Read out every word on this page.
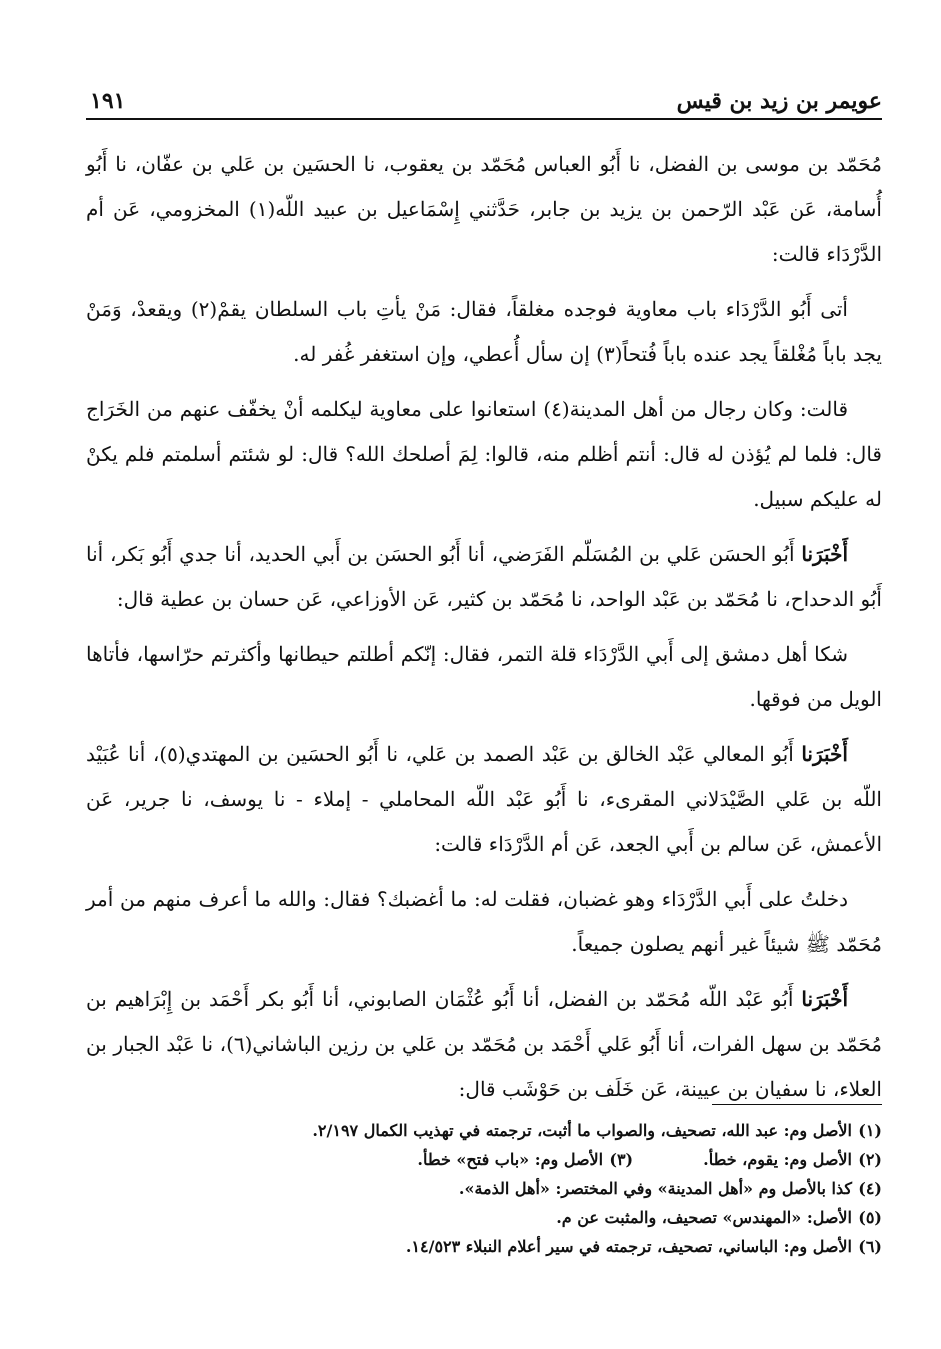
عويمر بن زيد بن قيس
١٩١

مُحَمّد بن موسى بن الفضل، نا أَبُو العباس مُحَمّد بن يعقوب، نا الحسَين بن عَلي بن عفّان، نا أَبُو أُسامة، عَن عَبْد الرّحمن بن يزيد بن جابر، حَدَّثني إِسْمَاعيل بن عبيد اللّه(١) المخزومي، عَن أم الدَّرْدَاء قالت:

أتى أَبُو الدَّرْدَاء باب معاوية فوجده مغلقاً، فقال: مَنْ يأتِ باب السلطان يقمْ(٢) ويقعدْ، وَمَنْ يجد باباً مُغْلقاً يجد عنده باباً فُتحاً(٣) إن سأل أُعطي، وإن استغفر غُفر له.

قالت: وكان رجال من أهل المدينة(٤) استعانوا على معاوية ليكلمه أنْ يخفّف عنهم من الخَرَاج قال: فلما لم يُؤذن له قال: أنتم أظلم منه، قالوا: لِمَ أصلحك الله؟ قال: لو شئتم أسلمتم فلم يكنْ له عليكم سبيل.

أَخْبَرَنا أَبُو الحسَن عَلي بن المُسَلّم الفَرَضي، أنا أَبُو الحسَن بن أَبي الحديد، أنا جدي أَبُو بَكر، أنا أَبُو الدحداح، نا مُحَمّد بن عَبْد الواحد، نا مُحَمّد بن كثير، عَن الأوزاعي، عَن حسان بن عطية قال:

شكا أهل دمشق إلى أَبي الدَّرْدَاء قلة التمر، فقال: إنّكم أطلتم حيطانها وأكثرتم حرّاسها، فأتاها الويل من فوقها.

أَخْبَرَنا أَبُو المعالي عَبْد الخالق بن عَبْد الصمد بن عَلي، نا أَبُو الحسَين بن المهتدي(٥)، أنا عُبَيْد اللّه بن عَلي الصَّيْدَلاني المقرىء، نا أَبُو عَبْد اللّه المحاملي - إملاء - نا يوسف، نا جرير، عَن الأعمش، عَن سالم بن أَبي الجعد، عَن أم الدَّرْدَاء قالت:

دخلتُ على أَبي الدَّرْدَاء وهو غضبان، فقلت له: ما أغضبك؟ فقال: والله ما أعرف منهم من أمر مُحَمّد ﷺ شيئاً غير أنهم يصلون جميعاً.

أَخْبَرَنا أَبُو عَبْد اللّه مُحَمّد بن الفضل، أنا أَبُو عُثْمَان الصابوني، أنا أَبُو بكر أَحْمَد بن إِبْرَاهيم بن مُحَمّد بن سهل الفرات، أنا أَبُو عَلي أَحْمَد بن مُحَمّد بن عَلي بن رزين الباشاني(٦)، نا عَبْد الجبار بن العلاء، نا سفيان بن عيينة، عَن خَلَف بن حَوْشَب قال:

(١)الأصل وم: عبد الله، تصحيف، والصواب ما أثبت، ترجمته في تهذيب الكمال ٢/١٩٧.
(٢)الأصل وم: يقوم، خطأ.(٣)الأصل وم: «باب فتح» خطأ.
(٤)كذا بالأصل وم «أهل المدينة» وفي المختصر: «أهل الذمة».
(٥)الأصل: «المهندس» تصحيف، والمثبت عن م.
(٦)الأصل وم: الباساني، تصحيف، ترجمته في سير أعلام النبلاء ١٤/٥٢٣.
